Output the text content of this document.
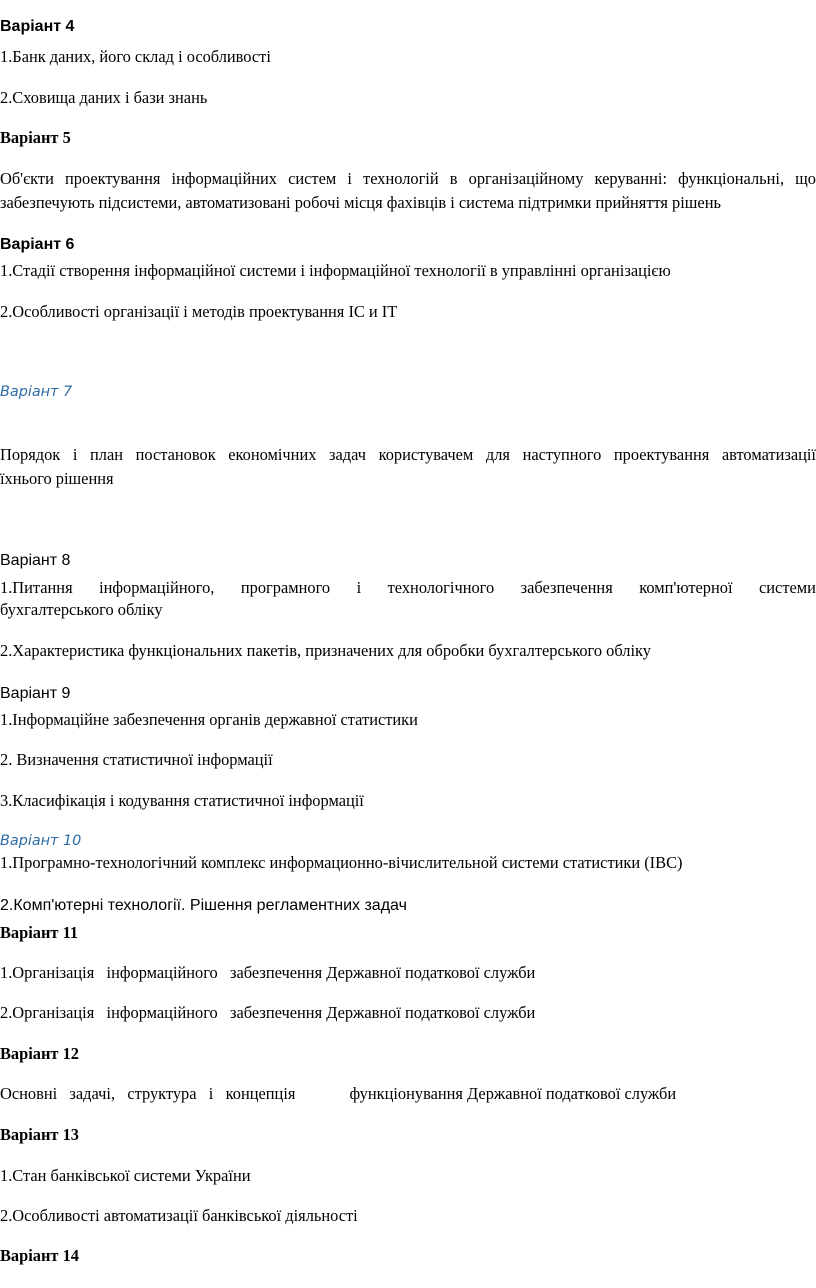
Варіант 4
1.Банк даних, його склад і особливості
2.Сховища даних і бази знань
Варіант 5
Об'єкти проектування інформаційних систем і технологій в організаційному керуванні: функціональні, що
забезпечують підсистеми, автоматизовані робочі місця фахівців і система підтримки прийняття рішень
Варіант 6
1.Стадії створення інформаційної системи і інформаційної технології в управлінні організацією
2.Особливості організації і методів проектування ІС и ІТ
Варіант 7
Порядок і план постановок економічних задач користувачем для наступного проектування автоматизації
їхнього рішення
Варіант 8
1.Питання інформаційного, програмного і технологічного забезпечення комп'ютерної системи
бухгалтерського обліку
2.Характеристика функціональних пакетів, призначених для обробки бухгалтерського обліку
Варіант 9
1.Інформаційне забезпечення органів державної статистики
2. Визначення статистичної інформації
3.Класифікація і кодування статистичної інформації
Варіант 10
1.Програмно-технологічний комплекс информационно-вічислительной системи статистики (ІВС)
2.Комп'ютерні технології. Рішення регламентних задач
Варіант 11
1.Організація   інформаційного   забезпечення Державної податкової служби
2.Організація   інформаційного   забезпечення Державної податкової служби
Варіант 12
Основні   задачі,   структура   і   концепція	функціонування Державної податкової служби
Варіант 13
1.Стан банківської системи України
2.Особливості автоматизації банківської діяльності
Варіант 14
